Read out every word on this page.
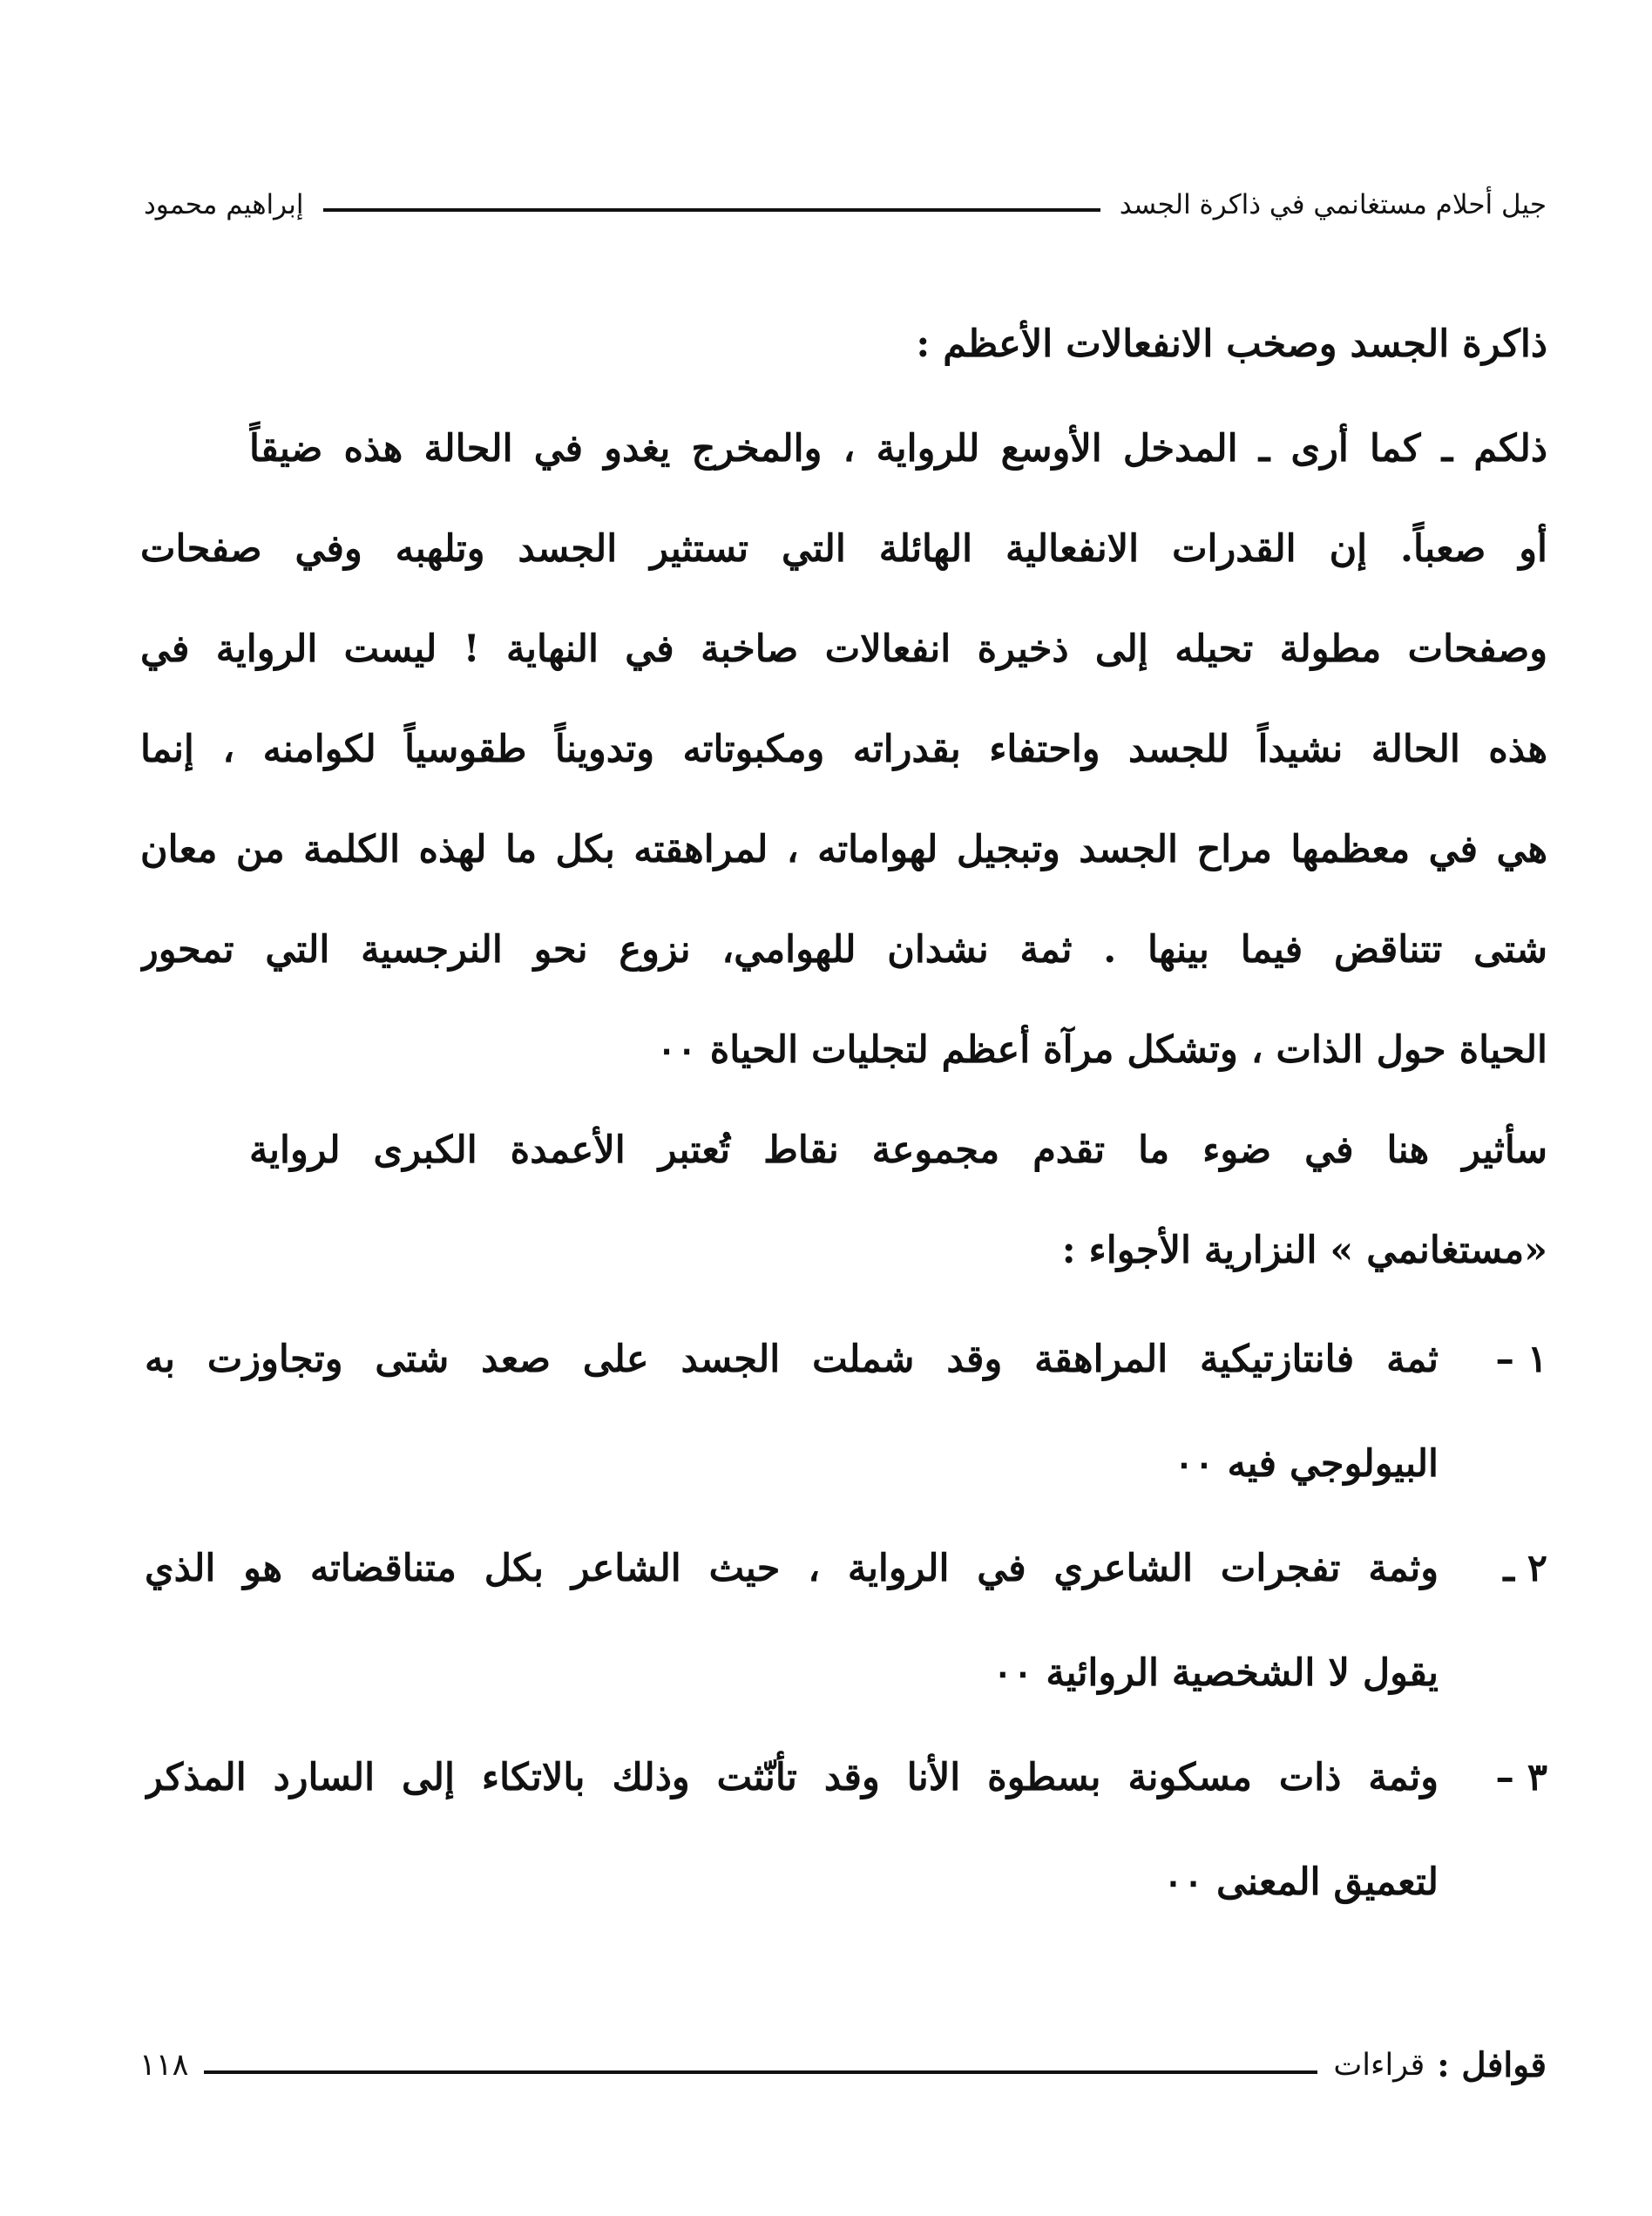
جيل أحلام مستغانمي في ذاكرة الجسد
إبراهيم محمود
ذاكرة الجسد وصخب الانفعالات الأعظم :
ذلكم ـ كما أرى ـ المدخل الأوسع للرواية ، والمخرج يغدو في الحالة هذه ضيقاً
أو صعباً. إن القدرات الانفعالية الهائلة التي تستثير الجسد وتلهبه وفي صفحات
وصفحات مطولة تحيله إلى ذخيرة انفعالات صاخبة في النهاية ! ليست الرواية في
هذه الحالة نشيداً للجسد واحتفاء بقدراته ومكبوتاته وتدويناً طقوسياً لكوامنه ، إنما
هي في معظمها مراح الجسد وتبجيل لهواماته ، لمراهقته بكل ما لهذه الكلمة من معان
شتى تتناقض فيما بينها . ثمة نشدان للهوامي، نزوع نحو النرجسية التي تمحور
الحياة حول الذات ، وتشكل مرآة أعظم لتجليات الحياة ٠٠
سأثير هنا في ضوء ما تقدم مجموعة نقاط تُعتبر الأعمدة الكبرى لرواية
«مستغانمي » النزارية الأجواء :
١ –
ثمة فانتازتيكية المراهقة وقد شملت الجسد على صعد شتى وتجاوزت به
البيولوجي فيه ٠٠
٢ ـ
وثمة تفجرات الشاعري في الرواية ، حيث الشاعر بكل متناقضاته هو الذي
يقول لا الشخصية الروائية ٠٠
٣ –
وثمة ذات مسكونة بسطوة الأنا وقد تأنّثت وذلك بالاتكاء إلى السارد المذكر
لتعميق المعنى ٠٠
قوافل :
قراءات
١١٨
